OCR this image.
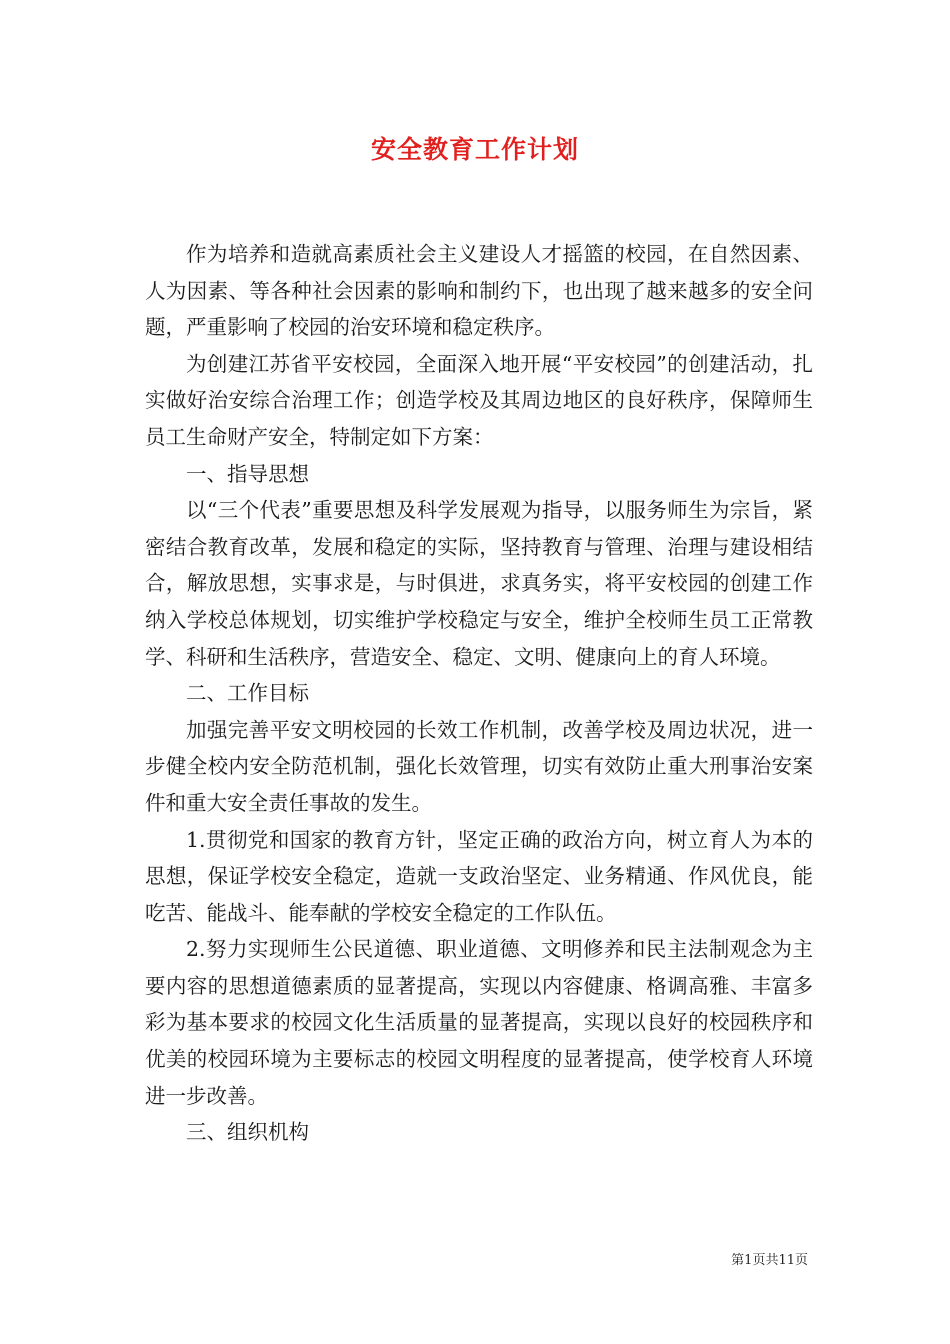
安全教育工作计划

作为培养和造就高素质社会主义建设人才摇篮的校园，在自然因素、人为因素、等各种社会因素的影响和制约下，也出现了越来越多的安全问题，严重影响了校园的治安环境和稳定秩序。

为创建江苏省平安校园，全面深入地开展“平安校园”的创建活动，扎实做好治安综合治理工作；创造学校及其周边地区的良好秩序，保障师生员工生命财产安全，特制定如下方案：

一、指导思想

以“三个代表”重要思想及科学发展观为指导，以服务师生为宗旨，紧密结合教育改革，发展和稳定的实际，坚持教育与管理、治理与建设相结合，解放思想，实事求是，与时俱进，求真务实，将平安校园的创建工作纳入学校总体规划，切实维护学校稳定与安全，维护全校师生员工正常教学、科研和生活秩序，营造安全、稳定、文明、健康向上的育人环境。

二、工作目标

加强完善平安文明校园的长效工作机制，改善学校及周边状况，进一步健全校内安全防范机制，强化长效管理，切实有效防止重大刑事治安案件和重大安全责任事故的发生。

1.贯彻党和国家的教育方针，坚定正确的政治方向，树立育人为本的思想，保证学校安全稳定，造就一支政治坚定、业务精通、作风优良，能吃苦、能战斗、能奉献的学校安全稳定的工作队伍。

2.努力实现师生公民道德、职业道德、文明修养和民主法制观念为主要内容的思想道德素质的显著提高，实现以内容健康、格调高雅、丰富多彩为基本要求的校园文化生活质量的显著提高，实现以良好的校园秩序和优美的校园环境为主要标志的校园文明程度的显著提高，使学校育人环境进一步改善。

三、组织机构

第1页共11页
